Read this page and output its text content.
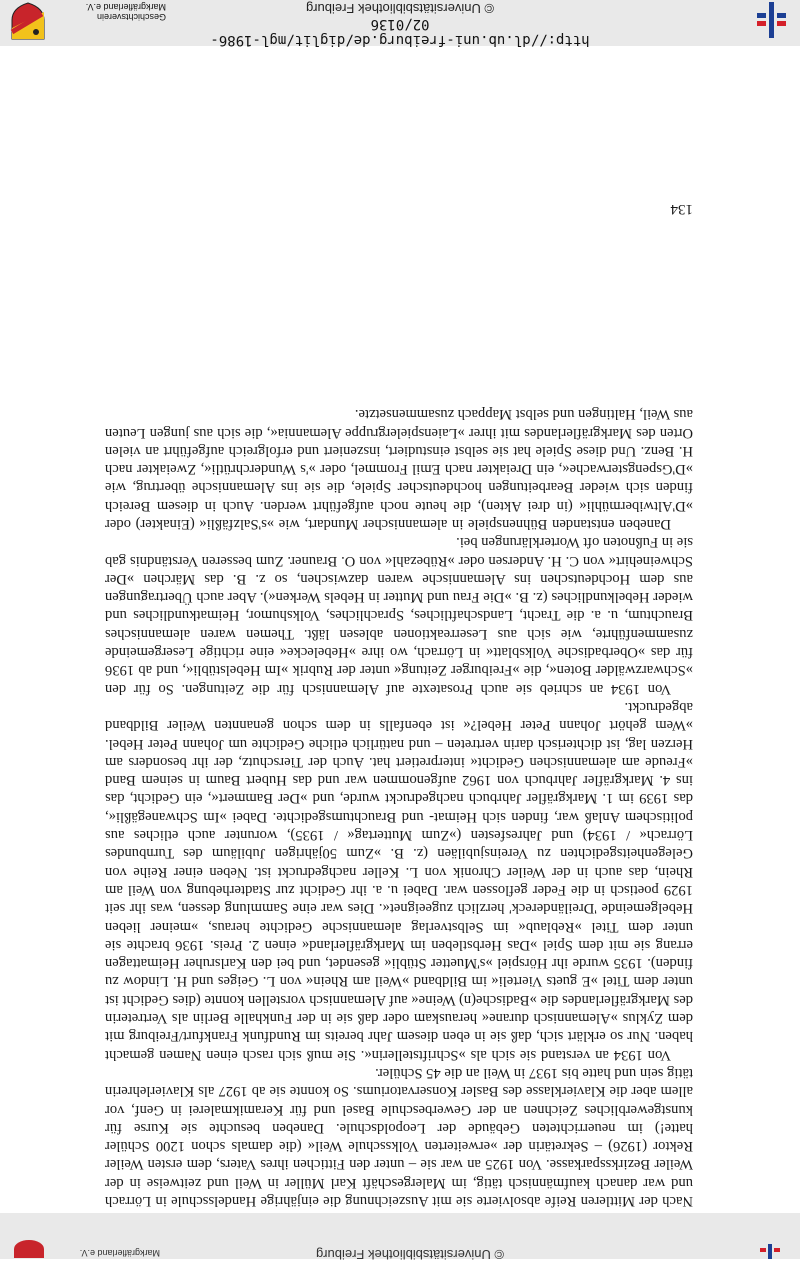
http://dl.ub.uni-freiburg.de/diglit/mgl-1986-02/0136
© Universitätsbibliothek Freiburg
Geschichtsverein
Markgräflerland e.V.
© Universitätsbibliothek Freiburg
Markgräflerland e.V.

Nach der Mittleren Reife absolvierte sie mit Auszeichnung die einjährige Handelsschule in Lörrach und war danach kaufmännisch tätig, im Malergeschäft Karl Müller in Weil und zeitweise in der Weiler Bezirkssparkasse. Von 1925 an war sie – unter den Fittichen ihres Vaters, dem ersten Weiler Rektor (1926) – Sekretärin der »erweiterten Volksschule Weil« (die damals schon 1200 Schüler hatte!) im neuerrichteten Gebäude der Leopoldschule. Daneben besuchte sie Kurse für kunstgewerbliches Zeichnen an der Gewerbeschule Basel und für Keramikmalerei in Genf, vor allem aber die Klavierklasse des Basler Konservatoriums. So konnte sie ab 1927 als Klavierlehrerin tätig sein und hatte bis 1937 in Weil an die 45 Schüler.

Von 1934 an verstand sie sich als »Schriftstellerin«. Sie muß sich rasch einen Namen gemacht haben. Nur so erklärt sich, daß sie in eben diesem Jahr bereits im Rundfunk Frankfurt/Freiburg mit dem Zyklus »Alemannisch durane« herauskam oder daß sie in der Funkhalle Berlin als Vertreterin des Markgräflerlandes die »Badische(n) Weine« auf Alemannisch vorstellen konnte (dies Gedicht ist unter dem Titel »E guets Vierteli« im Bildband »Weil am Rhein« von L. Geiges und H. Lindow zu finden). 1935 wurde ihr Hörspiel »s'Muetter Stübli« gesendet, und bei den Karlsruher Heimattagen errang sie mit dem Spiel »Das Herbstleben im Markgräflerland« einen 2. Preis. 1936 brachte sie unter dem Titel »Reblaub« im Selbstverlag alemannische Gedichte heraus, »meiner lieben Hebelgemeinde 'Dreiländereck' herzlich zugeeignet«. Dies war eine Sammlung dessen, was ihr seit 1929 poetisch in die Feder geflossen war. Dabei u. a. ihr Gedicht zur Stadterhebung von Weil am Rhein, das auch in der Weiler Chronik von L. Keller nachgedruckt ist. Neben einer Reihe von Gelegenheitsgedichten zu Vereinsjubiläen (z. B. »Zum 50jährigen Jubiläum des Turnbundes Lörrach« / 1934) und Jahresfesten (»Zum Muttertag« / 1935), worunter auch etliches aus politischem Anlaß war, finden sich Heimat- und Brauchtumsgedichte. Dabei »Im Schwanegäßli«, das 1939 im 1. Markgräfler Jahrbuch nachgedruckt wurde, und »Der Bammert«, ein Gedicht, das ins 4. Markgräfler Jahrbuch von 1962 aufgenommen war und das Hubert Baum in seinem Band »Freude am alemannischen Gedicht« interpretiert hat. Auch der Tierschutz, der ihr besonders am Herzen lag, ist dichterisch darin vertreten – und natürlich etliche Gedichte um Johann Peter Hebel. »Wem gehört Johann Peter Hebel?« ist ebenfalls in dem schon genannten Weiler Bildband abgedruckt.

Von 1934 an schrieb sie auch Prosatexte auf Alemannisch für die Zeitungen. So für den »Schwarzwälder Boten«, die »Freiburger Zeitung« unter der Rubrik »Im Hebelstübli«, und ab 1936 für das »Oberbadische Volksblatt« in Lörrach, wo ihre »Hebelecke« eine richtige Lesergemeinde zusammenführte, wie sich aus Leserreaktionen ablesen läßt. Themen waren alemannisches Brauchtum, u. a. die Tracht, Landschaftliches, Sprachliches, Volkshumor, Heimatkundliches und wieder Hebelkundliches (z. B. »Die Frau und Mutter in Hebels Werken«). Aber auch Übertragungen aus dem Hochdeutschen ins Alemannische waren dazwischen, so z. B. das Märchen »Der Schweinehirt« von C. H. Andersen oder »Rübezahl« von O. Brauner. Zum besseren Verständnis gab sie in Fußnoten oft Worterklärungen bei.

Daneben entstanden Bühnenspiele in alemannischer Mundart, wie »s'Salzfäßli« (Einakter) oder »D'Altwibermühli« (in drei Akten), die heute noch aufgeführt werden. Auch in diesem Bereich finden sich wieder Bearbeitungen hochdeutscher Spiele, die sie ins Alemannische übertrug, wie »D'Gspengsterwache«, ein Dreiakter nach Emil Frommel, oder »'s Wunderchrütli«, Zweiakter nach H. Benz. Und diese Spiele hat sie selbst einstudiert, inszeniert und erfolgreich aufgeführt an vielen Orten des Markgräflerlandes mit ihrer »Laienspielergruppe Alemannia«, die sich aus jungen Leuten aus Weil, Haltingen und selbst Mappach zusammensetzte.

134
